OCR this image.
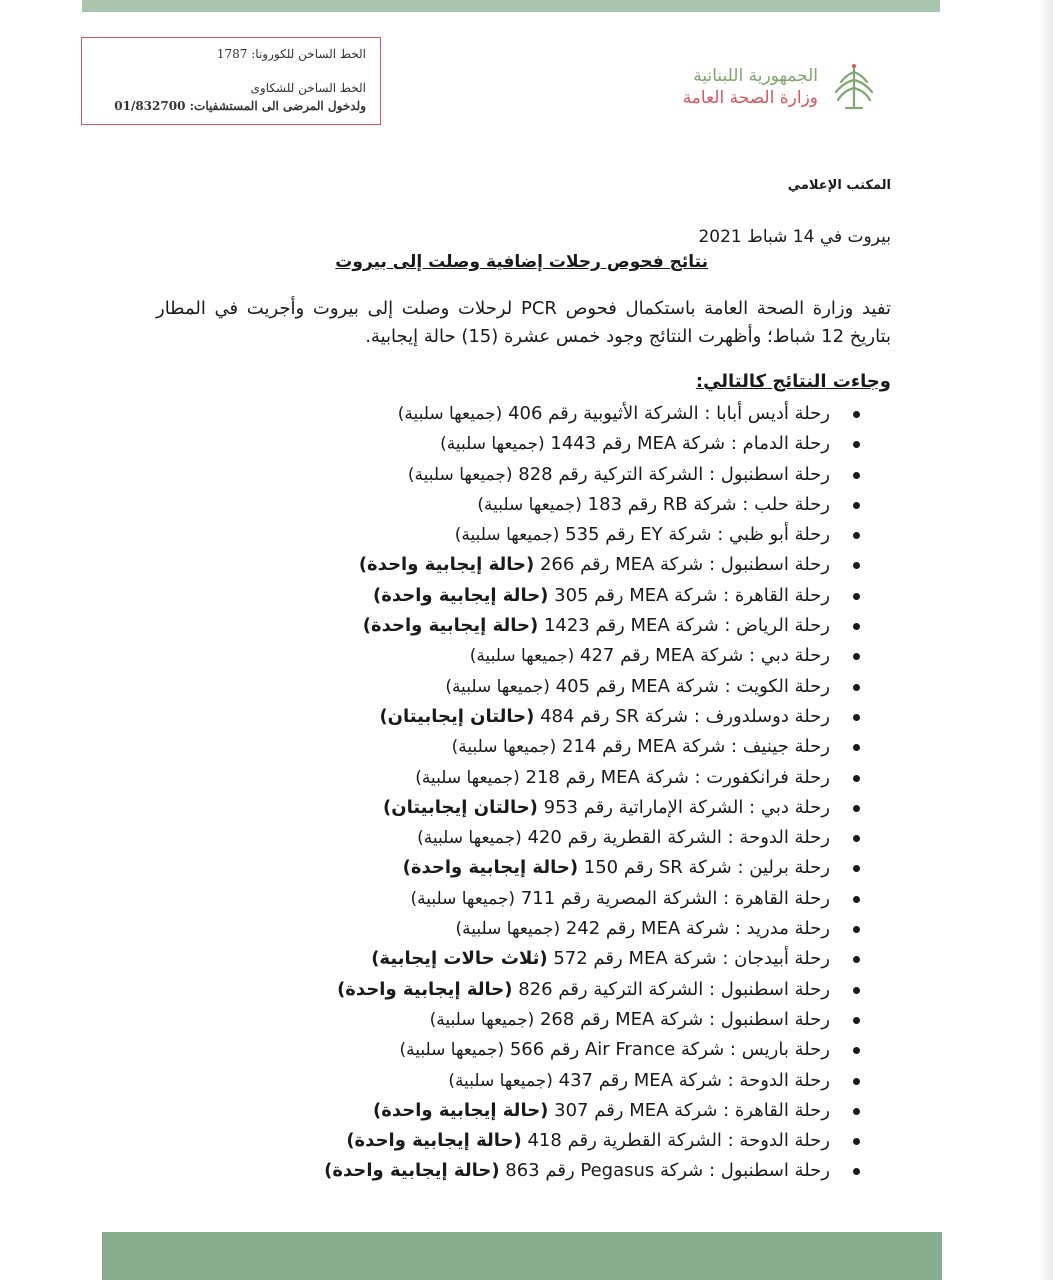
الخط الساخن للكورونا: 1787
الخط الساخن للشكاوى
ولدخول المرضى الى المستشفيات: 01/832700
الجمهورية اللبنانية
وزارة الصحة العامة
المكتب الإعلامي
بيروت في 14 شباط 2021
نتائج فحوص رحلات إضافية وصلت إلى بيروت
تفيد وزارة الصحة العامة باستكمال فحوص PCR لرحلات وصلت إلى بيروت وأجريت في المطار بتاريخ 12 شباط؛ وأظهرت النتائج وجود خمس عشرة (15) حالة إيجابية.
وجاءت النتائج كالتالي:
رحلة أديس أبابا : الشركة الأثيوبية رقم 406 (جميعها سلبية)
رحلة الدمام : شركة MEA رقم 1443 (جميعها سلبية)
رحلة اسطنبول : الشركة التركية رقم 828 (جميعها سلبية)
رحلة حلب : شركة RB رقم 183 (جميعها سلبية)
رحلة أبو ظبي : شركة EY رقم 535 (جميعها سلبية)
رحلة اسطنبول : شركة MEA رقم 266 (حالة إيجابية واحدة)
رحلة القاهرة : شركة MEA رقم 305 (حالة إيجابية واحدة)
رحلة الرياض : شركة MEA رقم 1423 (حالة إيجابية واحدة)
رحلة دبي : شركة MEA رقم 427 (جميعها سلبية)
رحلة الكويت : شركة MEA رقم 405 (جميعها سلبية)
رحلة دوسلدورف : شركة SR رقم 484 (حالتان إيجابيتان)
رحلة جينيف : شركة MEA رقم 214 (جميعها سلبية)
رحلة فرانكفورت : شركة MEA رقم 218 (جميعها سلبية)
رحلة دبي : الشركة الإماراتية رقم 953 (حالتان إيجابيتان)
رحلة الدوحة : الشركة القطرية رقم 420 (جميعها سلبية)
رحلة برلين : شركة SR رقم 150 (حالة إيجابية واحدة)
رحلة القاهرة : الشركة المصرية رقم 711 (جميعها سلبية)
رحلة مدريد : شركة MEA رقم 242 (جميعها سلبية)
رحلة أبيدجان : شركة MEA رقم 572 (ثلاث حالات إيجابية)
رحلة اسطنبول : الشركة التركية رقم 826 (حالة إيجابية واحدة)
رحلة اسطنبول : شركة MEA رقم 268 (جميعها سلبية)
رحلة باريس : شركة Air France رقم 566 (جميعها سلبية)
رحلة الدوحة : شركة MEA رقم 437 (جميعها سلبية)
رحلة القاهرة : شركة MEA رقم 307 (حالة إيجابية واحدة)
رحلة الدوحة : الشركة القطرية رقم 418 (حالة إيجابية واحدة)
رحلة اسطنبول : شركة Pegasus رقم 863 (حالة إيجابية واحدة)
